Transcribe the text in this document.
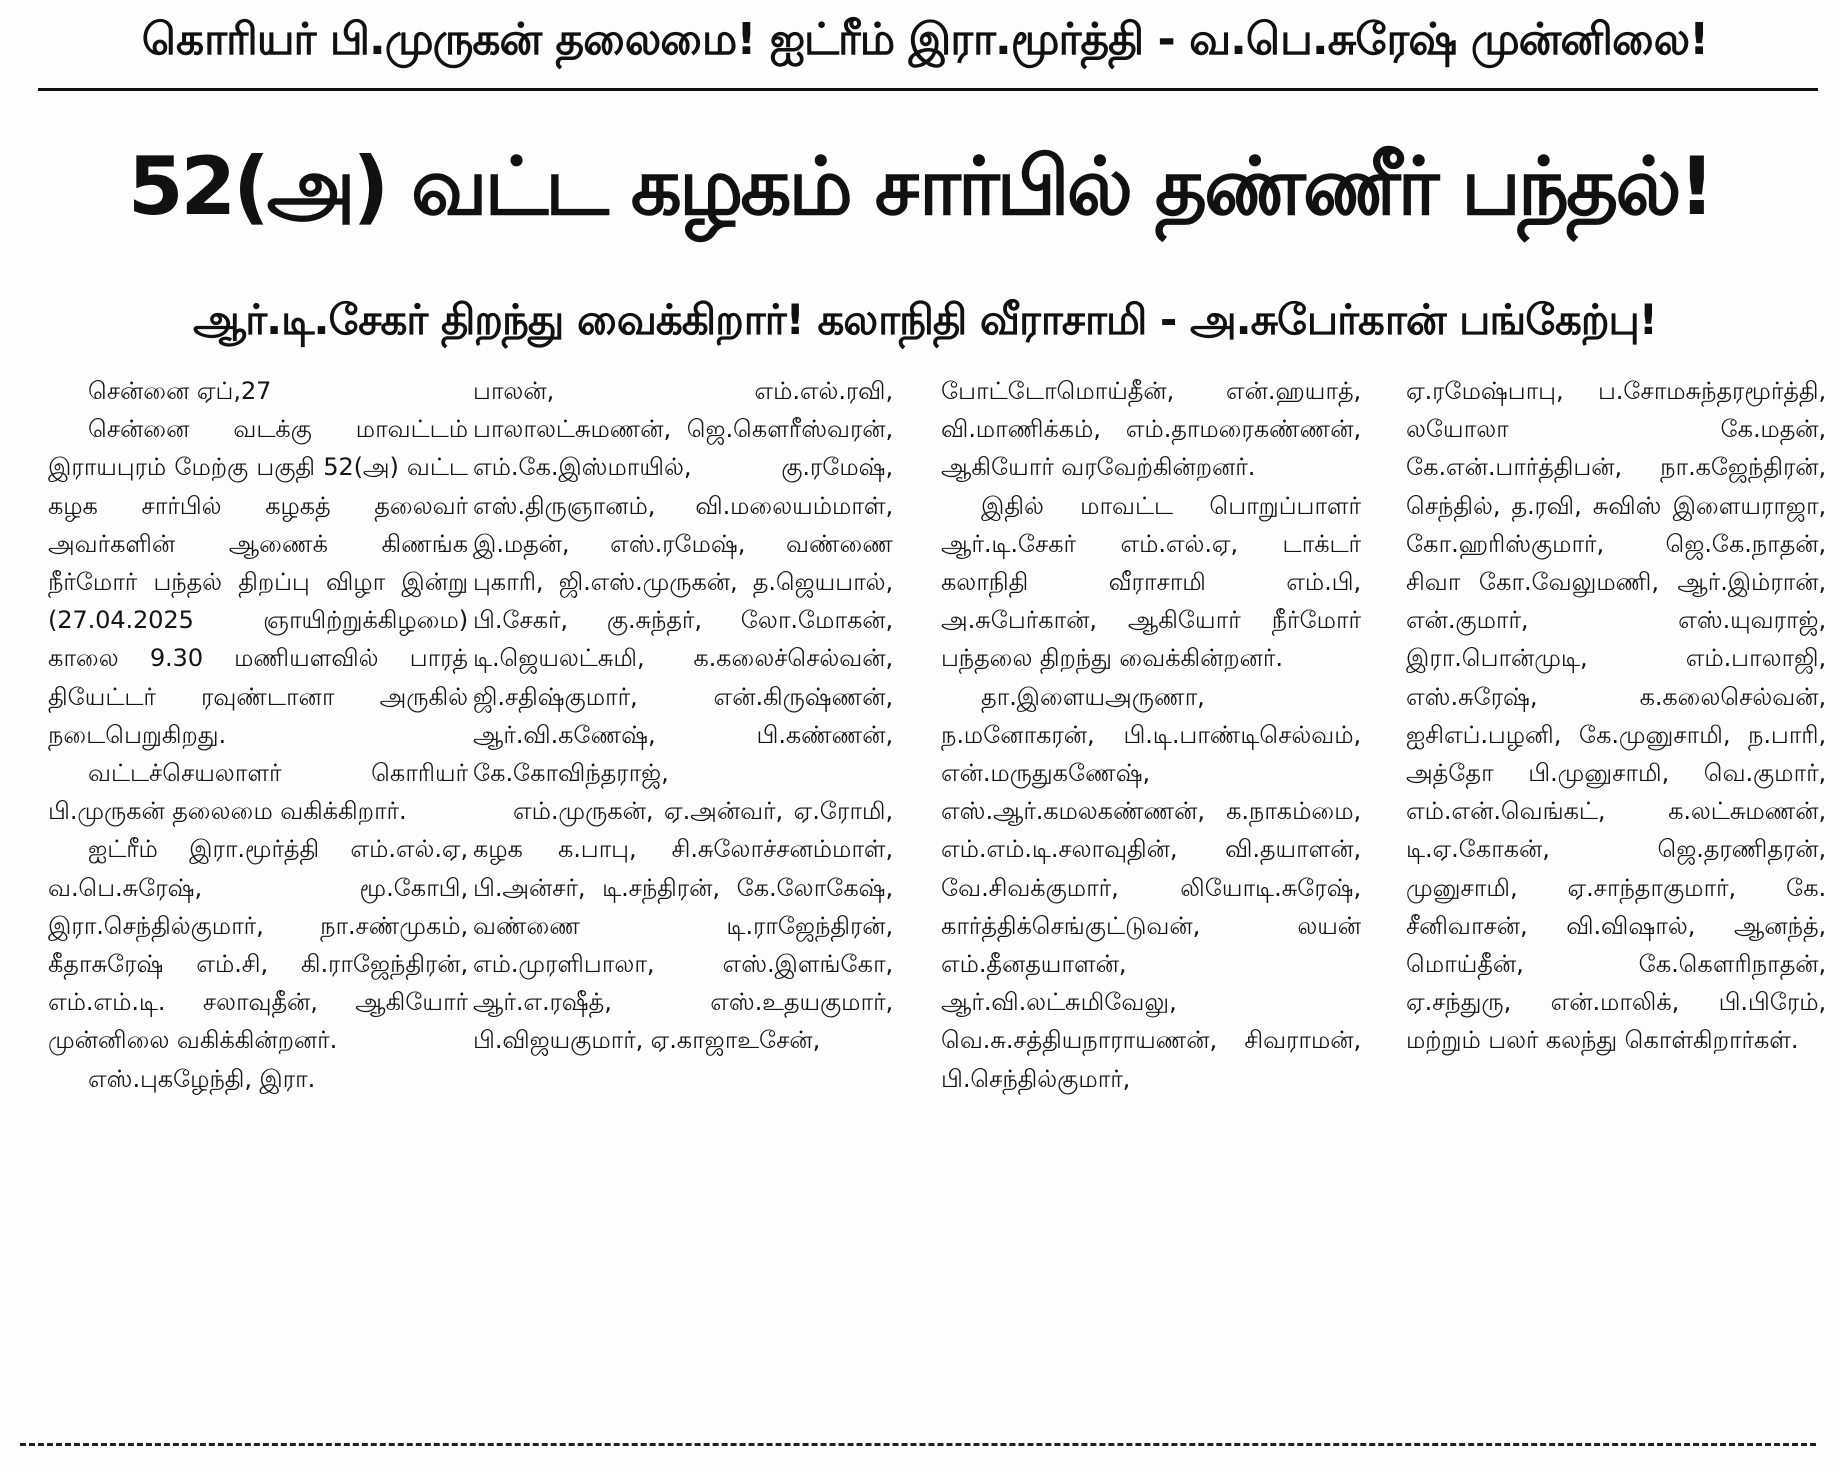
கொரியர் பி.முருகன் தலைமை! ஐட்ரீம் இரா.மூர்த்தி - வ.பெ.சுரேஷ் முன்னிலை!
52(அ) வட்ட கழகம் சார்பில் தண்ணீர் பந்தல்!
ஆர்.டி.சேகர் திறந்து வைக்கிறார்! கலாநிதி வீராசாமி - அ.சுபேர்கான் பங்கேற்பு!

சென்னை ஏப்,27

சென்னை வடக்கு மாவட்டம் இராயபுரம் மேற்கு பகுதி 52(அ) வட்ட கழக சார்பில் கழகத் தலைவர் அவர்களின் ஆணைக் கிணங்க நீர்மோர் பந்தல் திறப்பு விழா இன்று (27.04.2025 ஞாயிற்றுக்கிழமை) காலை 9.30 மணியளவில் பாரத் தியேட்டர் ரவுண்டானா அருகில் நடைபெறுகிறது.

வட்டச்செயலாளர் கொரியர் பி.முருகன் தலைமை வகிக்கிறார்.

ஐட்ரீம் இரா.மூர்த்தி எம்.எல்.ஏ, வ.பெ.சுரேஷ், மூ.கோபி, இரா.செந்தில்குமார், நா.சண்முகம், கீதாசுரேஷ் எம்.சி, கி.ராஜேந்திரன், எம்.எம்.டி. சலாவுதீன், ஆகியோர் முன்னிலை வகிக்கின்றனர்.

எஸ்.புகழேந்தி, இரா.

பாலன், எம்.எல்.ரவி, பாலாலட்சுமணன், ஜெ.கௌரீஸ்வரன், எம்.கே.இஸ்மாயில், கு.ரமேஷ், எஸ்.திருஞானம், வி.மலையம்மாள், இ.மதன், எஸ்.ரமேஷ், வண்ணை புகாரி, ஜி.எஸ்.முருகன், த.ஜெயபால், பி.சேகர், கு.சுந்தர், லோ.மோகன், டி.ஜெயலட்சுமி, க.கலைச்செல்வன், ஜி.சதிஷ்குமார், என்.கிருஷ்ணன், ஆர்.வி.கணேஷ், பி.கண்ணன், கே.கோவிந்தராஜ்,

எம்.முருகன், ஏ.அன்வர், ஏ.ரோமி, கழக க.பாபு, சி.சுலோச்சனம்மாள், பி.அன்சர், டி.சந்திரன், கே.லோகேஷ், வண்ணை டி.ராஜேந்திரன், எம்.முரளிபாலா, எஸ்.இளங்கோ, ஆர்.எ.ரஷீத், எஸ்.உதயகுமார், பி.விஜயகுமார், ஏ.காஜாஉசேன்,

போட்டோமொய்தீன், என்.ஹயாத், வி.மாணிக்கம், எம்.தாமரைகண்ணன், ஆகியோர் வரவேற்கின்றனர்.

இதில் மாவட்ட பொறுப்பாளர் ஆர்.டி.சேகர் எம்.எல்.ஏ, டாக்டர் கலாநிதி வீராசாமி எம்.பி, அ.சுபேர்கான், ஆகியோர் நீர்மோர் பந்தலை திறந்து வைக்கின்றனர்.

தா.இளையஅருணா, ந.மனோகரன், பி.டி.பாண்டிசெல்வம், என்.மருதுகணேஷ், எஸ்.ஆர்.கமலகண்ணன், க.நாகம்மை, எம்.எம்.டி.சலாவுதின், வி.தயாளன், வே.சிவக்குமார், லியோடி.சுரேஷ், கார்த்திக்செங்குட்டுவன், லயன் எம்.தீனதயாளன், ஆர்.வி.லட்சுமிவேலு, வெ.சு.சத்தியநாராயணன், சிவராமன், பி.செந்தில்குமார்,

ஏ.ரமேஷ்பாபு, ப.சோமசுந்தரமூர்த்தி, லயோலா கே.மதன், கே.என்.பார்த்திபன், நா.கஜேந்திரன், செந்தில், த.ரவி, சுவிஸ் இளையராஜா, கோ.ஹரிஸ்குமார், ஜெ.கே.நாதன், சிவா கோ.வேலுமணி, ஆர்.இம்ரான், என்.குமார், எஸ்.யுவராஜ், இரா.பொன்முடி, எம்.பாலாஜி, எஸ்.சுரேஷ், க.கலைசெல்வன், ஐசிஎப்.பழனி, கே.முனுசாமி, ந.பாரி, அத்தோ பி.முனுசாமி, வெ.குமார், எம்.என்.வெங்கட், க.லட்சுமணன், டி.ஏ.கோகன், ஜெ.தரணிதரன், முனுசாமி, ஏ.சாந்தாகுமார், கே. சீனிவாசன், வி.விஷால், ஆனந்த், மொய்தீன், கே.கௌரிநாதன், ஏ.சந்துரு, என்.மாலிக், பி.பிரேம், மற்றும் பலர் கலந்து கொள்கிறார்கள்.
